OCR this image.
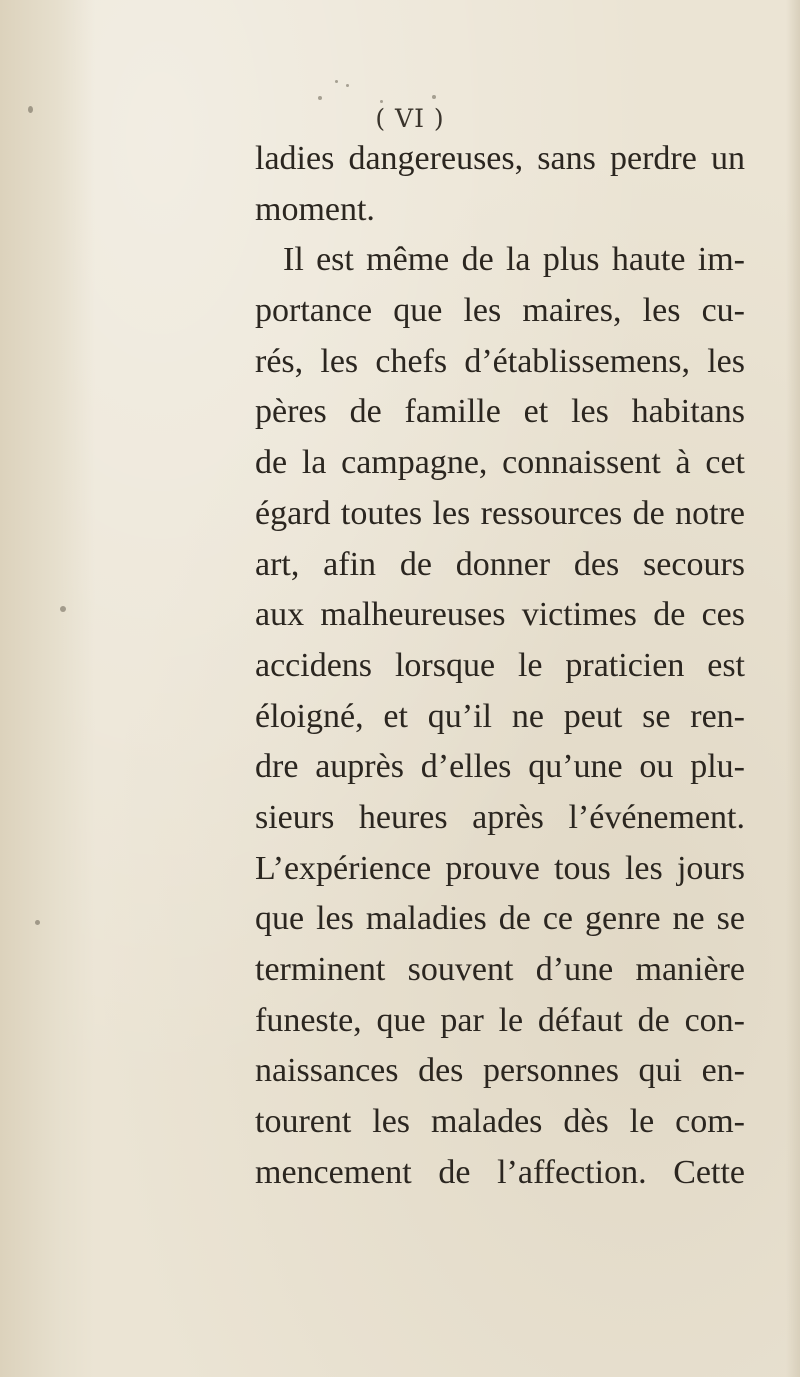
( VI )
ladies dangereuses, sans perdre un
moment.
Il est même de la plus haute im-
portance que les maires, les cu-
rés, les chefs d’établissemens, les
pères de famille et les habitans
de la campagne, connaissent à cet
égard toutes les ressources de notre
art, afin de donner des secours
aux malheureuses victimes de ces
accidens lorsque le praticien est
éloigné, et qu’il ne peut se ren-
dre auprès d’elles qu’une ou plu-
sieurs heures après l’événement.
L’expérience prouve tous les jours
que les maladies de ce genre ne se
terminent souvent d’une manière
funeste, que par le défaut de con-
naissances des personnes qui en-
tourent les malades dès le com-
mencement de l’affection. Cette
